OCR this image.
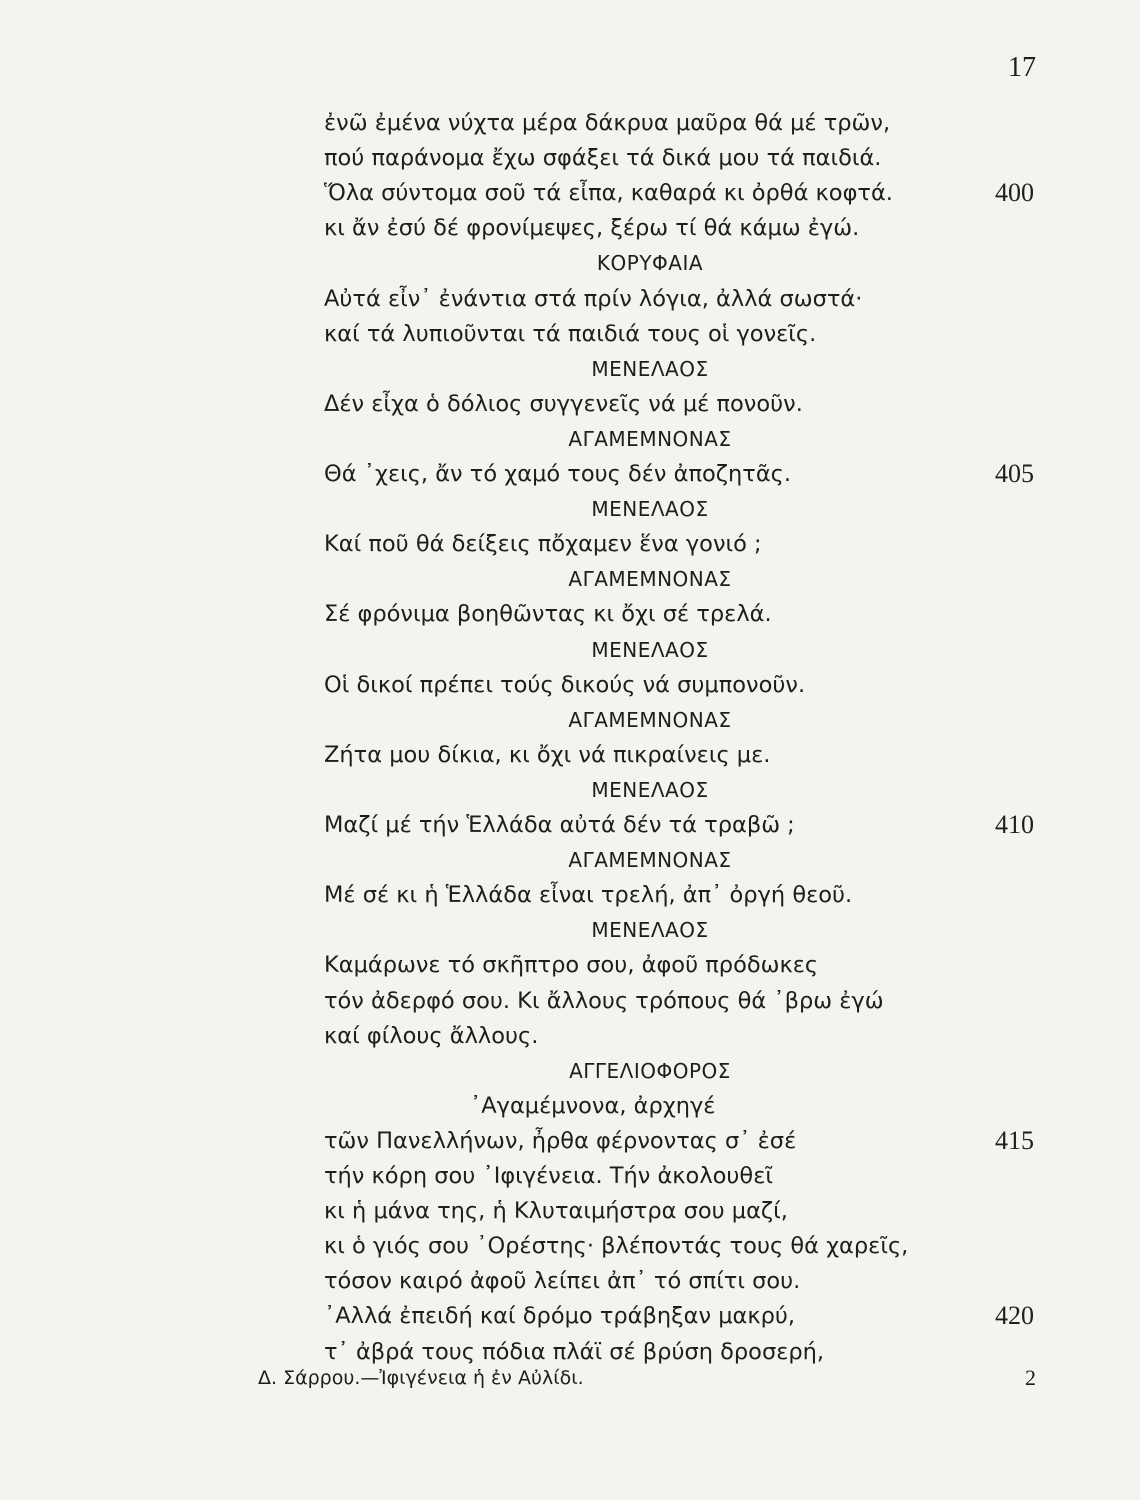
17
ἐνῶ ἐμένα νύχτα μέρα δάκρυα μαῦρα θά μέ τρῶν,
πού παράνομα ἔχω σφάξει τά δικά μου τά παιδιά.
Ὅλα σύντομα σοῦ τά εἶπα, καθαρά κι ὀρθά κοφτά.	400
κι ἄν ἐσύ δέ φρονίμεψες, ξέρω τί θά κάμω ἐγώ.
ΚΟΡΥΦΑΙΑ
Αὐτά εἶν᾿ ἐνάντια στά πρίν λόγια, ἀλλά σωστά·
καί τά λυπιοῦνται τά παιδιά τους οἱ γονεῖς.
ΜΕΝΕΛΑΟΣ
Δέν εἶχα ὁ δόλιος συγγενεῖς νά μέ πονοῦν.
ΑΓΑΜΕΜΝΟΝΑΣ
Θά ᾿χεις, ἄν τό χαμό τους δέν ἀποζητᾶς.	405
ΜΕΝΕΛΑΟΣ
Καί ποῦ θά δείξεις πὄχαμεν ἕνα γονιό ;
ΑΓΑΜΕΜΝΟΝΑΣ
Σέ φρόνιμα βοηθῶντας κι ὄχι σέ τρελά.
ΜΕΝΕΛΑΟΣ
Οἱ δικοί πρέπει τούς δικούς νά συμπονοῦν.
ΑΓΑΜΕΜΝΟΝΑΣ
Ζήτα μου δίκια, κι ὄχι νά πικραίνεις με.
ΜΕΝΕΛΑΟΣ
Μαζί μέ τήν Ἑλλάδα αὐτά δέν τά τραβῶ ;	410
ΑΓΑΜΕΜΝΟΝΑΣ
Μέ σέ κι ἡ Ἑλλάδα εἶναι τρελή, ἀπ᾿ ὀργή θεοῦ.
ΜΕΝΕΛΑΟΣ
Καμάρωνε τό σκῆπτρο σου, ἀφοῦ πρόδωκες
τόν ἀδερφό σου. Κι ἄλλους τρόπους θά ᾿βρω ἐγώ
καί φίλους ἄλλους.
ΑΓΓΕΛΙΟΦΟΡΟΣ
᾿Αγαμέμνονα, ἀρχηγέ
τῶν Πανελλήνων, ἦρθα φέρνοντας σ᾿ ἐσέ	415
τήν κόρη σου ᾿Ιφιγένεια. Τήν ἀκολουθεῖ
κι ἡ μάνα της, ἡ Κλυταιμήστρα σου μαζί,
κι ὁ γιός σου ᾿Ορέστης· βλέποντάς τους θά χαρεῖς,
τόσον καιρό ἀφοῦ λείπει ἀπ᾿ τό σπίτι σου.
᾿Αλλά ἐπειδή καί δρόμο τράβηξαν μακρύ,	420
τ᾿ ἀβρά τους πόδια πλάϊ σέ βρύση δροσερή,
Δ. Σάρρου.—Ἰφιγένεια ἡ ἐν Αὐλίδι.	2
